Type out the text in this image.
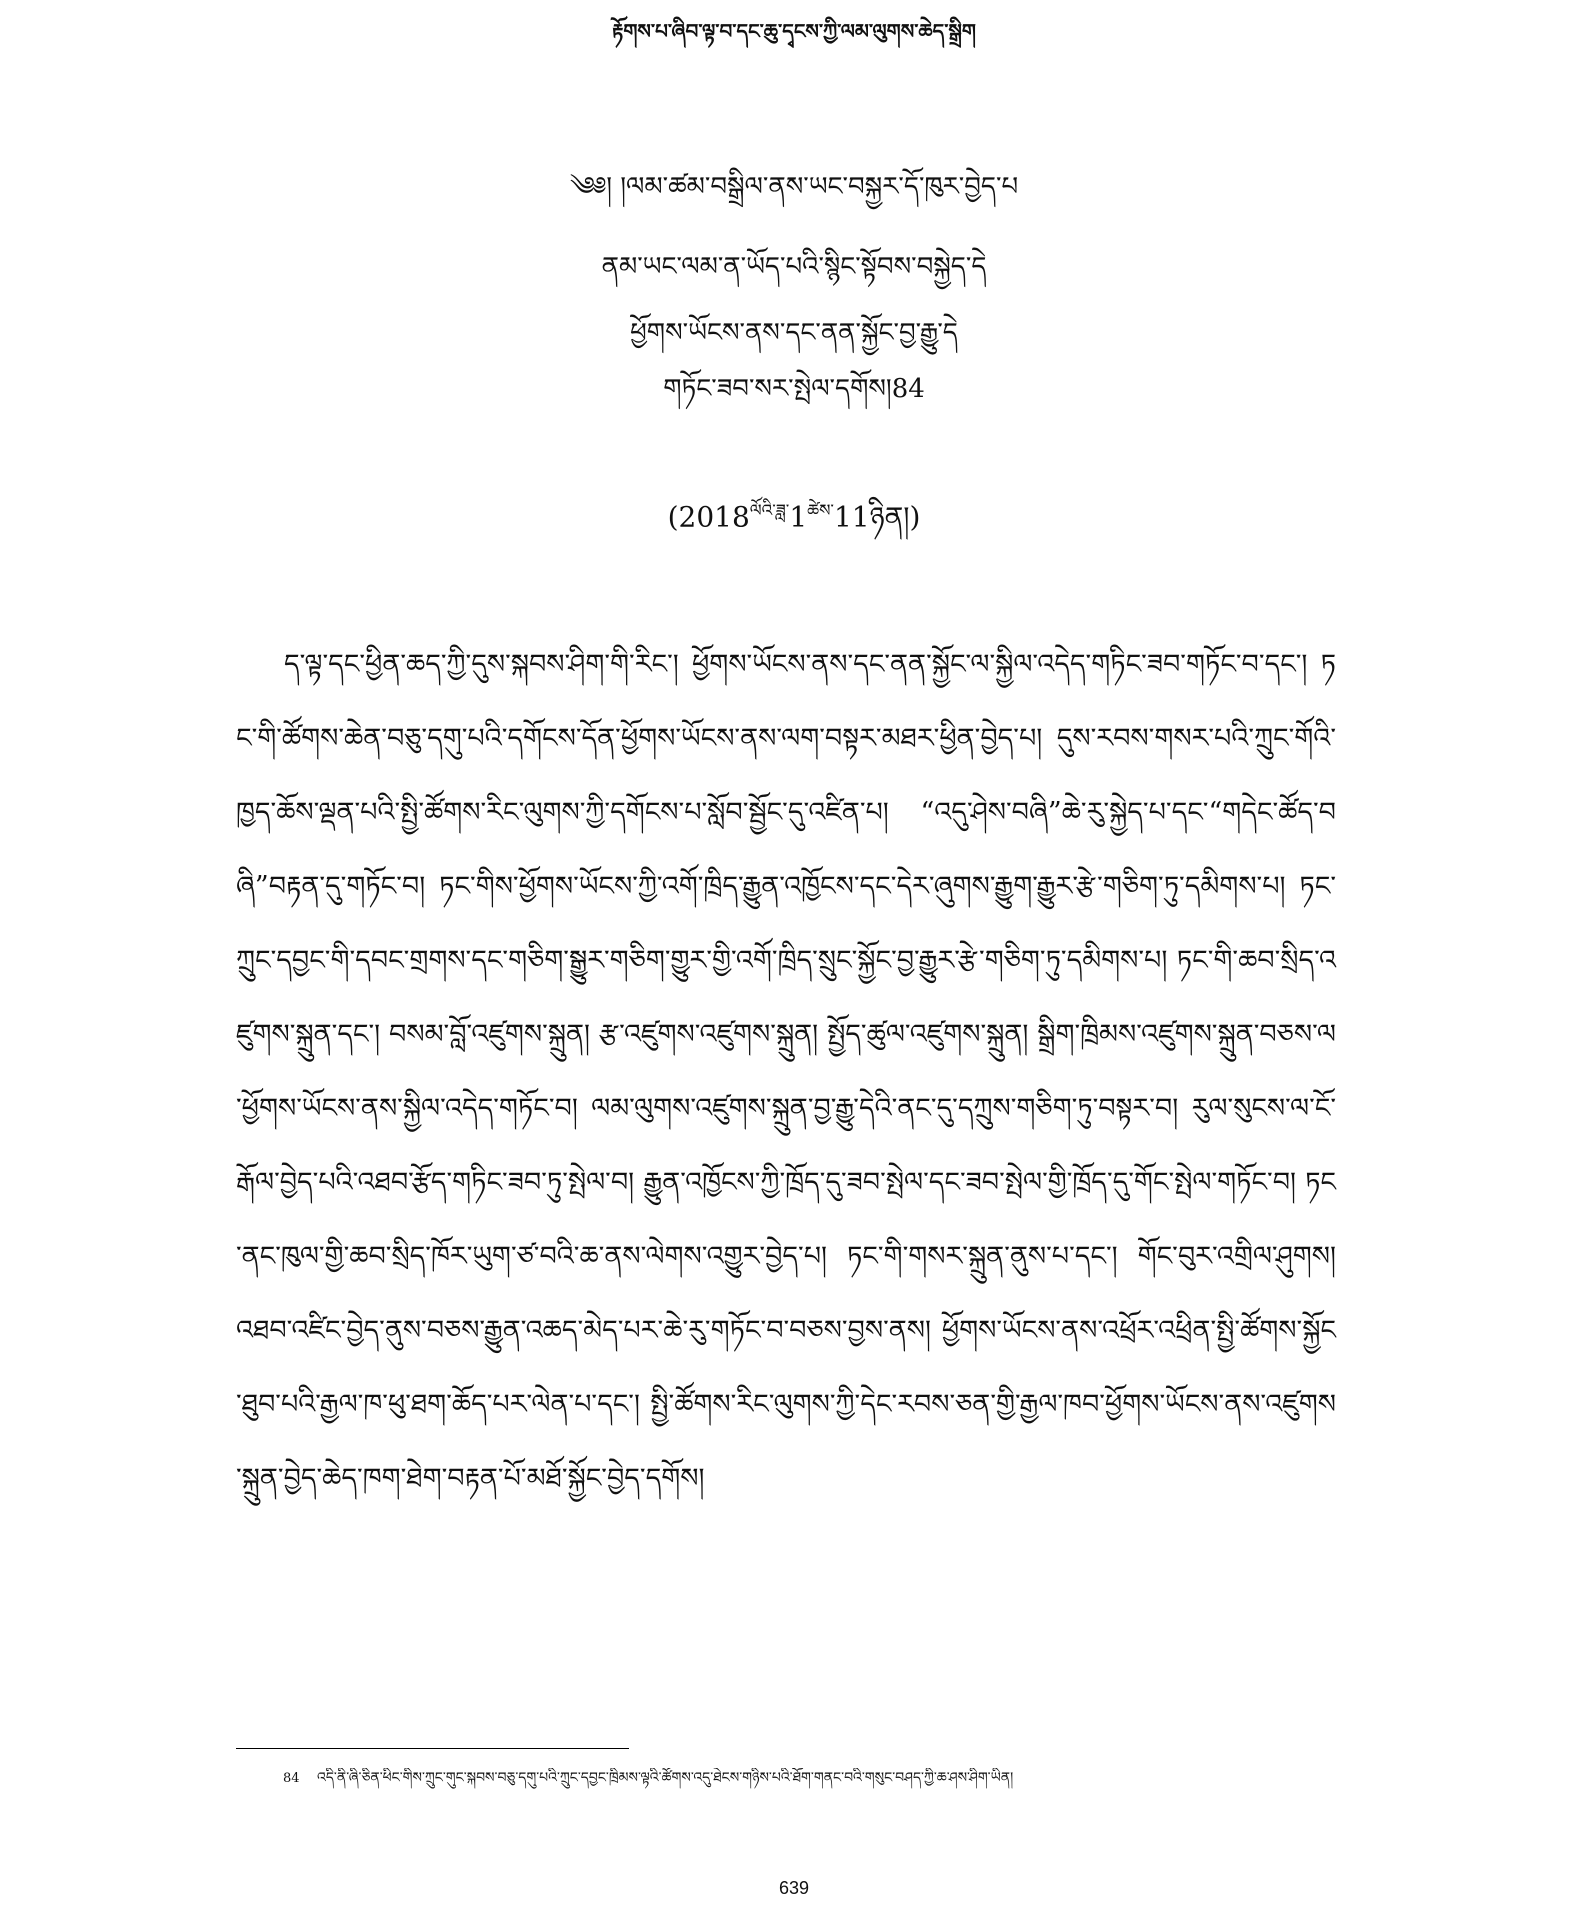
རྟོགས་པ་ཞིབ་ལྟ་བ་དང་ཆུ་དྭངས་ཀྱི་ལམ་ལུགས་ཆེད་སྒྲིག
༄༅། །ལམ་ཚམ་བསྒྲིལ་ནས་ཡང་བསྐྱར་དོ་ཁུར་བྱེད་པ
ནམ་ཡང་ལམ་ན་ཡོད་པའི་སྙིང་སྟོབས་བསྐྱེད་དེ
ཕྱོགས་ཡོངས་ནས་དང་ནན་སྐྱོང་བྱ་རྒྱུ་དེ
གཏོང་ཟབ་སར་སྤེལ་དགོས།84
$(2018^{ལོའི་ཟླ་}1^{ཚེས་}11ཉིན།)$
ད་ལྟ་དང་ཕྱིན་ཆད་ཀྱི་དུས་སྐབས་ཤིག་གི་རིང་། ཕྱོགས་ཡོངས་ནས་དང་ནན་སྐྱོང་ལ་སྐྱིལ་འདེད་གཏིང་ཟབ་གཏོང་བ་དང་། ཏང་གི་ཚོགས་ཆེན་བཅུ་དགུ་པའི་དགོངས་དོན་ཕྱོགས་ཡོངས་ནས་ལག་བསྟར་མཐར་ཕྱིན་བྱེད་པ། དུས་རབས་གསར་པའི་ཀྲུང་གོའི་ཁྱད་ཆོས་ལྡན་པའི་སྤྱི་ཚོགས་རིང་ལུགས་ཀྱི་དགོངས་པ་སློབ་སྦྱོང་དུ་འཛིན་པ། “འདུ་ཤེས་བཞི”ཆེ་རུ་སྐྱེད་པ་དང་“གདེང་ཚོད་བཞི”བརྟན་དུ་གཏོང་བ། ཏང་གིས་ཕྱོགས་ཡོངས་ཀྱི་འགོ་ཁྲིད་རྒྱུན་འཁྱོངས་དང་དེར་ཞུགས་རྒྱུག་རྒྱུར་རྩེ་གཅིག་ཏུ་དམིགས་པ། ཏང་ཀྲུང་དབྱང་གི་དབང་གྲགས་དང་གཅིག་སྒྱུར་གཅིག་གྱུར་གྱི་འགོ་ཁྲིད་སྲུང་སྐྱོང་བྱ་རྒྱུར་རྩེ་གཅིག་ཏུ་དམིགས་པ། ཏང་གི་ཆབ་སྲིད་འཛུགས་སྐྲུན་དང་། བསམ་བློ་འཛུགས་སྐྲུན། རྩ་འཛུགས་འཛུགས་སྐྲུན། སྤྱོད་ཚུལ་འཛུགས་སྐྲུན། སྒྲིག་ཁྲིམས་འཛུགས་སྐྲུན་བཅས་ལ་ཕྱོགས་ཡོངས་ནས་སྐྱིལ་འདེད་གཏོང་བ། ལམ་ལུགས་འཛུགས་སྐྲུན་བྱ་རྒྱུ་དེའི་ནང་དུ་དཀྲུས་གཅིག་ཏུ་བསྟར་བ། རུལ་སུངས་ལ་ངོ་རྒོལ་བྱེད་པའི་འཐབ་རྩོད་གཏིང་ཟབ་ཏུ་སྤེལ་བ། རྒྱུན་འཁྱོངས་ཀྱི་ཁྲོད་དུ་ཟབ་སྤེལ་དང་ཟབ་སྤེལ་གྱི་ཁྲོད་དུ་གོང་སྤེལ་གཏོང་བ། ཏང་ནང་ཁུལ་གྱི་ཆབ་སྲིད་ཁོར་ཡུག་ཙ་བའི་ཆ་ནས་ལེགས་འགྱུར་བྱེད་པ། ཏང་གི་གསར་སྐྲུན་ནུས་པ་དང་། གོང་བུར་འགྲིལ་ཤུགས། འཐབ་འཛིང་བྱེད་ནུས་བཅས་རྒྱུན་འཆད་མེད་པར་ཆེ་རུ་གཏོང་བ་བཅས་བྱས་ནས། ཕྱོགས་ཡོངས་ནས་འཕྲོར་འཕྲིན་སྤྱི་ཚོགས་སྐྱོང་ཐུབ་པའི་རྒྱལ་ཁ་ཕུ་ཐག་ཆོད་པར་ལེན་པ་དང་། སྤྱི་ཚོགས་རིང་ལུགས་ཀྱི་དེང་རབས་ཅན་གྱི་རྒྱལ་ཁབ་ཕྱོགས་ཡོངས་ནས་འཛུགས་སྐྲུན་བྱེད་ཆེད་ཁག་ཐེག་བརྟན་པོ་མཐོ་སྐྱོང་བྱེད་དགོས།
84 འདི་ནི་ཞི་ཅིན་ཕིང་གིས་ཀྲུང་གུང་སྐབས་བཅུ་དགུ་པའི་ཀྲུང་དབྱང་ཁྲིམས་ལྟའི་ཚོགས་འདུ་ཐེངས་གཉིས་པའི་ཐོག་གནང་བའི་གསུང་བཤད་ཀྱི་ཆ་ཤས་ཤིག་ཡིན།
639
